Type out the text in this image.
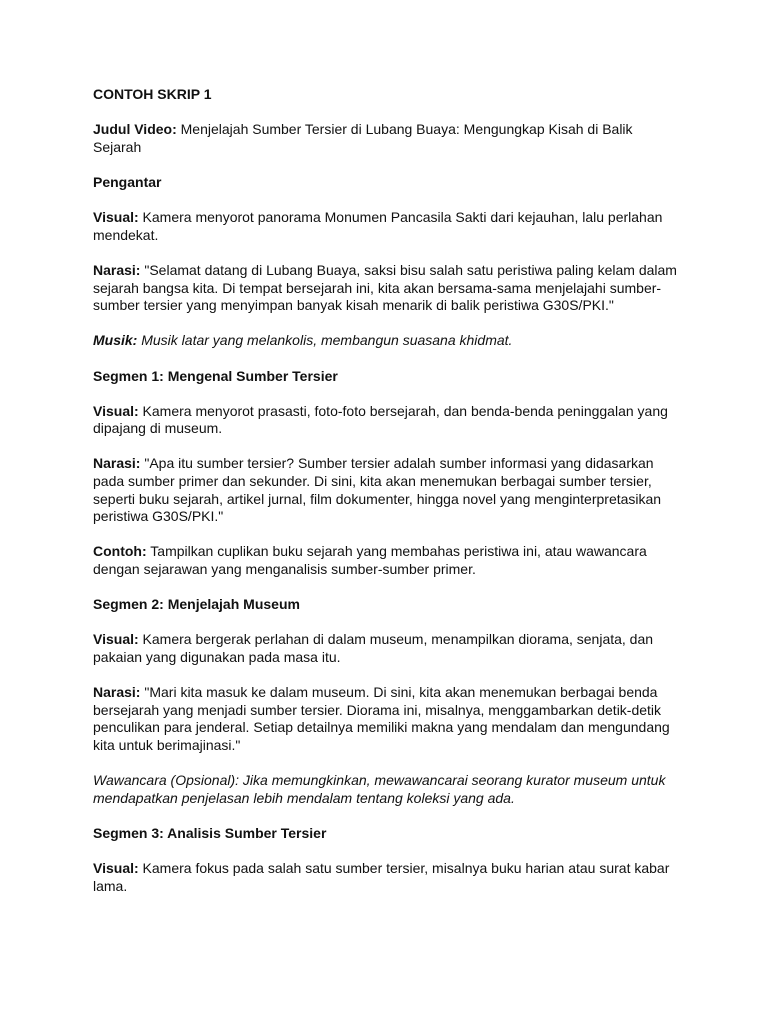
CONTOH SKRIP 1

Judul Video: Menjelajah Sumber Tersier di Lubang Buaya: Mengungkap Kisah di Balik Sejarah

Pengantar

Visual: Kamera menyorot panorama Monumen Pancasila Sakti dari kejauhan, lalu perlahan mendekat.

Narasi: "Selamat datang di Lubang Buaya, saksi bisu salah satu peristiwa paling kelam dalam sejarah bangsa kita. Di tempat bersejarah ini, kita akan bersama-sama menjelajahi sumber-sumber tersier yang menyimpan banyak kisah menarik di balik peristiwa G30S/PKI."

Musik: Musik latar yang melankolis, membangun suasana khidmat.

Segmen 1: Mengenal Sumber Tersier

Visual: Kamera menyorot prasasti, foto-foto bersejarah, dan benda-benda peninggalan yang dipajang di museum.

Narasi: "Apa itu sumber tersier? Sumber tersier adalah sumber informasi yang didasarkan pada sumber primer dan sekunder. Di sini, kita akan menemukan berbagai sumber tersier, seperti buku sejarah, artikel jurnal, film dokumenter, hingga novel yang menginterpretasikan peristiwa G30S/PKI."

Contoh: Tampilkan cuplikan buku sejarah yang membahas peristiwa ini, atau wawancara dengan sejarawan yang menganalisis sumber-sumber primer.

Segmen 2: Menjelajah Museum

Visual: Kamera bergerak perlahan di dalam museum, menampilkan diorama, senjata, dan pakaian yang digunakan pada masa itu.

Narasi: "Mari kita masuk ke dalam museum. Di sini, kita akan menemukan berbagai benda bersejarah yang menjadi sumber tersier. Diorama ini, misalnya, menggambarkan detik-detik penculikan para jenderal. Setiap detailnya memiliki makna yang mendalam dan mengundang kita untuk berimajinasi."

Wawancara (Opsional): Jika memungkinkan, mewawancarai seorang kurator museum untuk mendapatkan penjelasan lebih mendalam tentang koleksi yang ada.

Segmen 3: Analisis Sumber Tersier

Visual: Kamera fokus pada salah satu sumber tersier, misalnya buku harian atau surat kabar lama.
